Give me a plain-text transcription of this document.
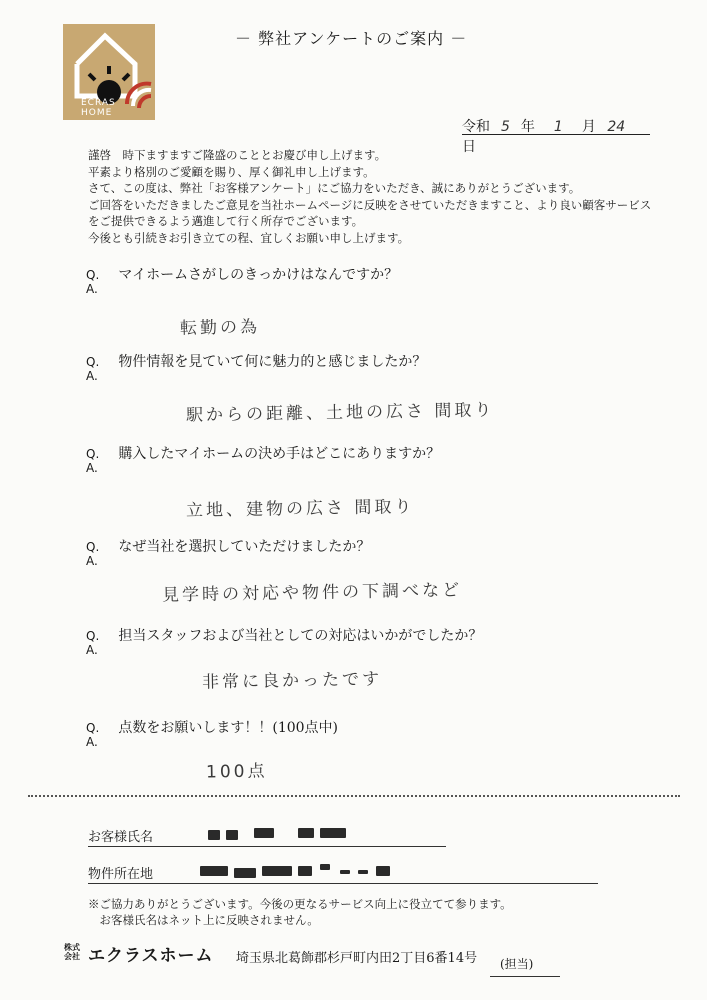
ECRAS
HOME
－ 弊社アンケートのご案内 －
令和 5 年 1 月 24 日
謹啓　時下ますますご隆盛のこととお慶び申し上げます。
平素より格別のご愛顧を賜り、厚く御礼申し上げます。
さて、この度は、弊社「お客様アンケート」にご協力をいただき、誠にありがとうございます。
ご回答をいただきましたご意見を当社ホームページに反映をさせていただきますこと、より良い顧客サービス
をご提供できるよう邁進して行く所存でございます。
今後とも引続きお引き立ての程、宜しくお願い申し上げます。
Q. マイホームさがしのきっかけはなんですか？
A.
転勤の為
Q. 物件情報を見ていて何に魅力的と感じましたか？
A.
駅からの距離、土地の広さ 間取り
Q. 購入したマイホームの決め手はどこにありますか？
A.
立地、建物の広さ 間取り
Q. なぜ当社を選択していただけましたか？
A.
見学時の対応や物件の下調べなど
Q. 担当スタッフおよび当社としての対応はいかがでしたか？
A.
非常に良かったです
Q. 点数をお願いします！！(100点中)
A.
100点
お客様氏名
物件所在地
※ご協力ありがとうございます。今後の更なるサービス向上に役立てて参ります。
　お客様氏名はネット上に反映されません。
株式
会社 エクラスホーム 埼玉県北葛飾郡杉戸町内田2丁目6番14号 (担当)
